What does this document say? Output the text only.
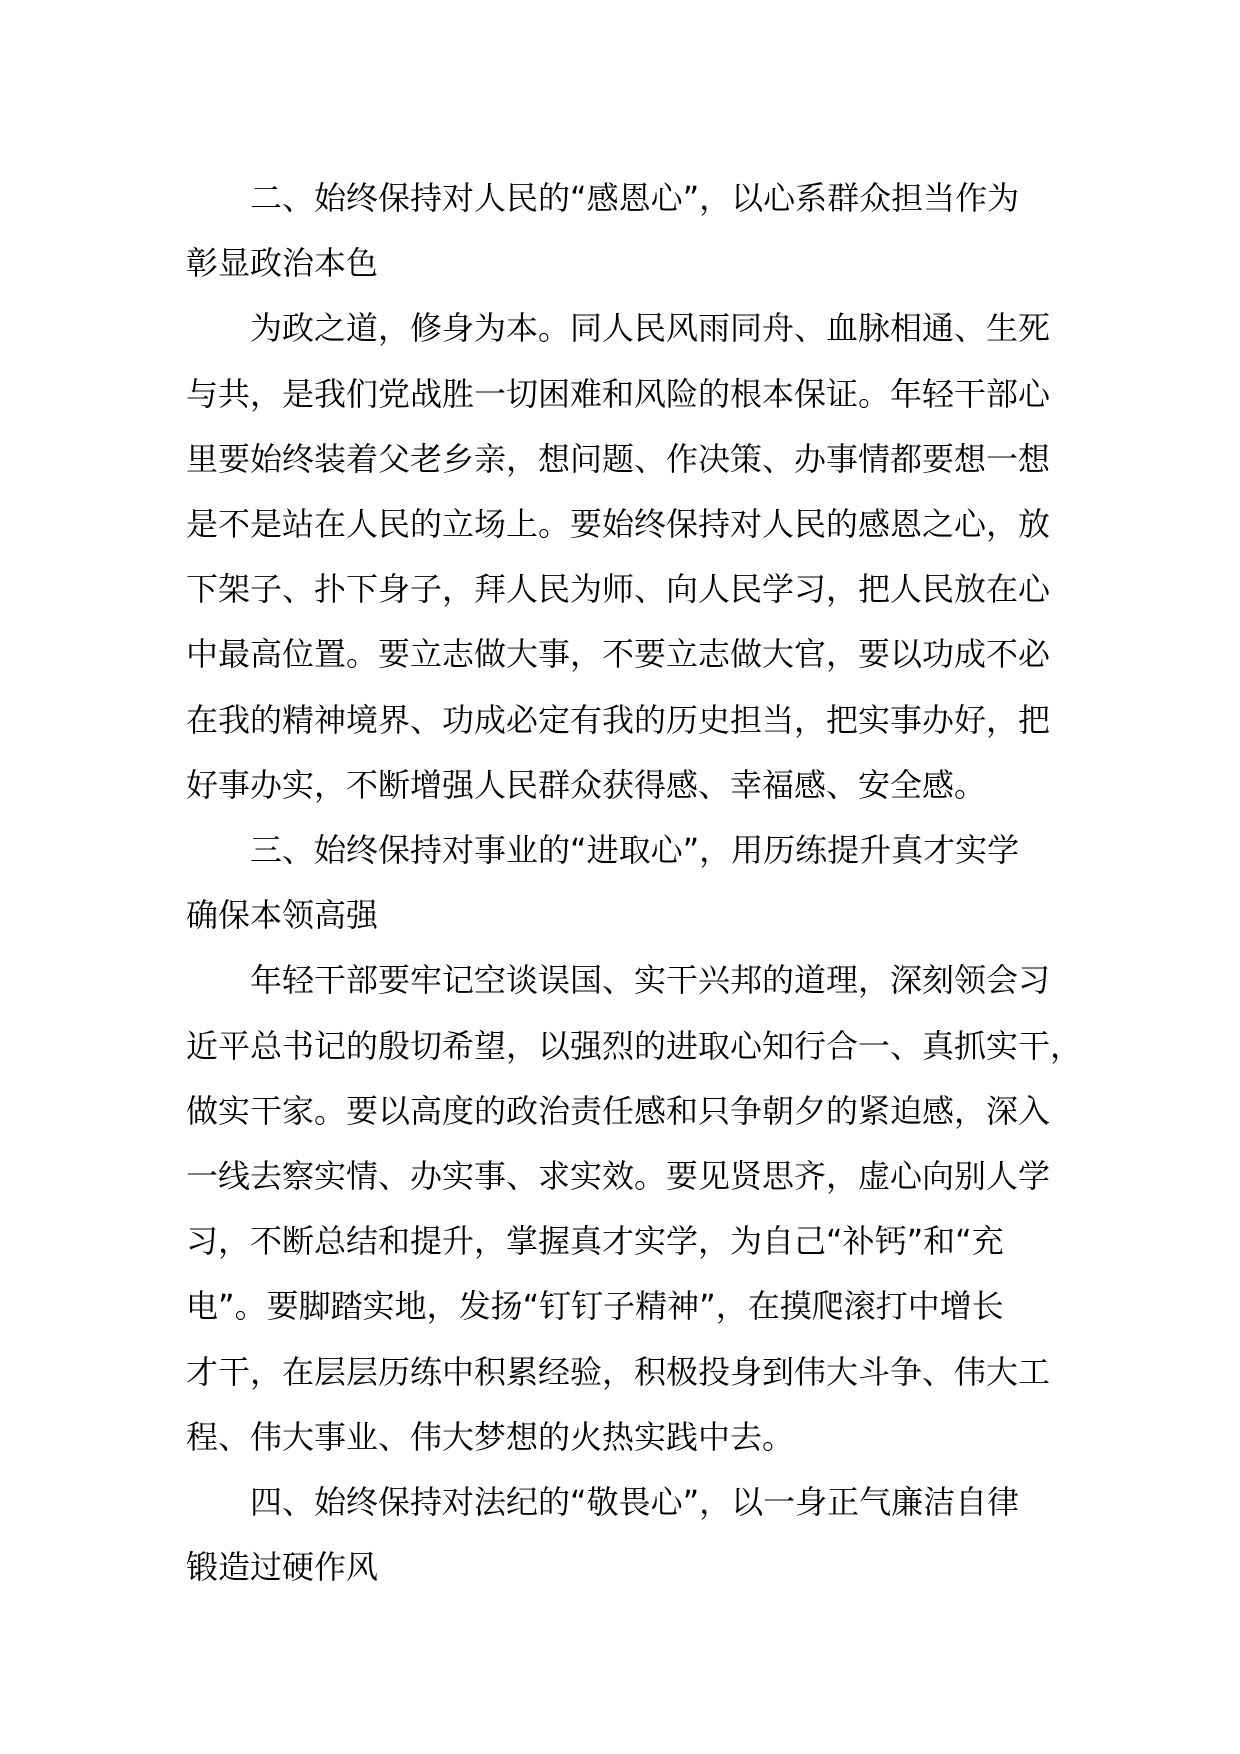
二、始终保持对人民的“感恩心”，以心系群众担当作为
彰显政治本色
为政之道，修身为本。同人民风雨同舟、血脉相通、生死
与共，是我们党战胜一切困难和风险的根本保证。年轻干部心
里要始终装着父老乡亲，想问题、作决策、办事情都要想一想
是不是站在人民的立场上。要始终保持对人民的感恩之心，放
下架子、扑下身子，拜人民为师、向人民学习，把人民放在心
中最高位置。要立志做大事，不要立志做大官，要以功成不必
在我的精神境界、功成必定有我的历史担当，把实事办好，把
好事办实，不断增强人民群众获得感、幸福感、安全感。
三、始终保持对事业的“进取心”，用历练提升真才实学
确保本领高强
年轻干部要牢记空谈误国、实干兴邦的道理，深刻领会习
近平总书记的殷切希望，以强烈的进取心知行合一、真抓实干，
做实干家。要以高度的政治责任感和只争朝夕的紧迫感，深入
一线去察实情、办实事、求实效。要见贤思齐，虚心向别人学
习，不断总结和提升，掌握真才实学，为自己“补钙”和“充
电”。要脚踏实地，发扬“钉钉子精神”，在摸爬滚打中增长
才干，在层层历练中积累经验，积极投身到伟大斗争、伟大工
程、伟大事业、伟大梦想的火热实践中去。
四、始终保持对法纪的“敬畏心”，以一身正气廉洁自律
锻造过硬作风
